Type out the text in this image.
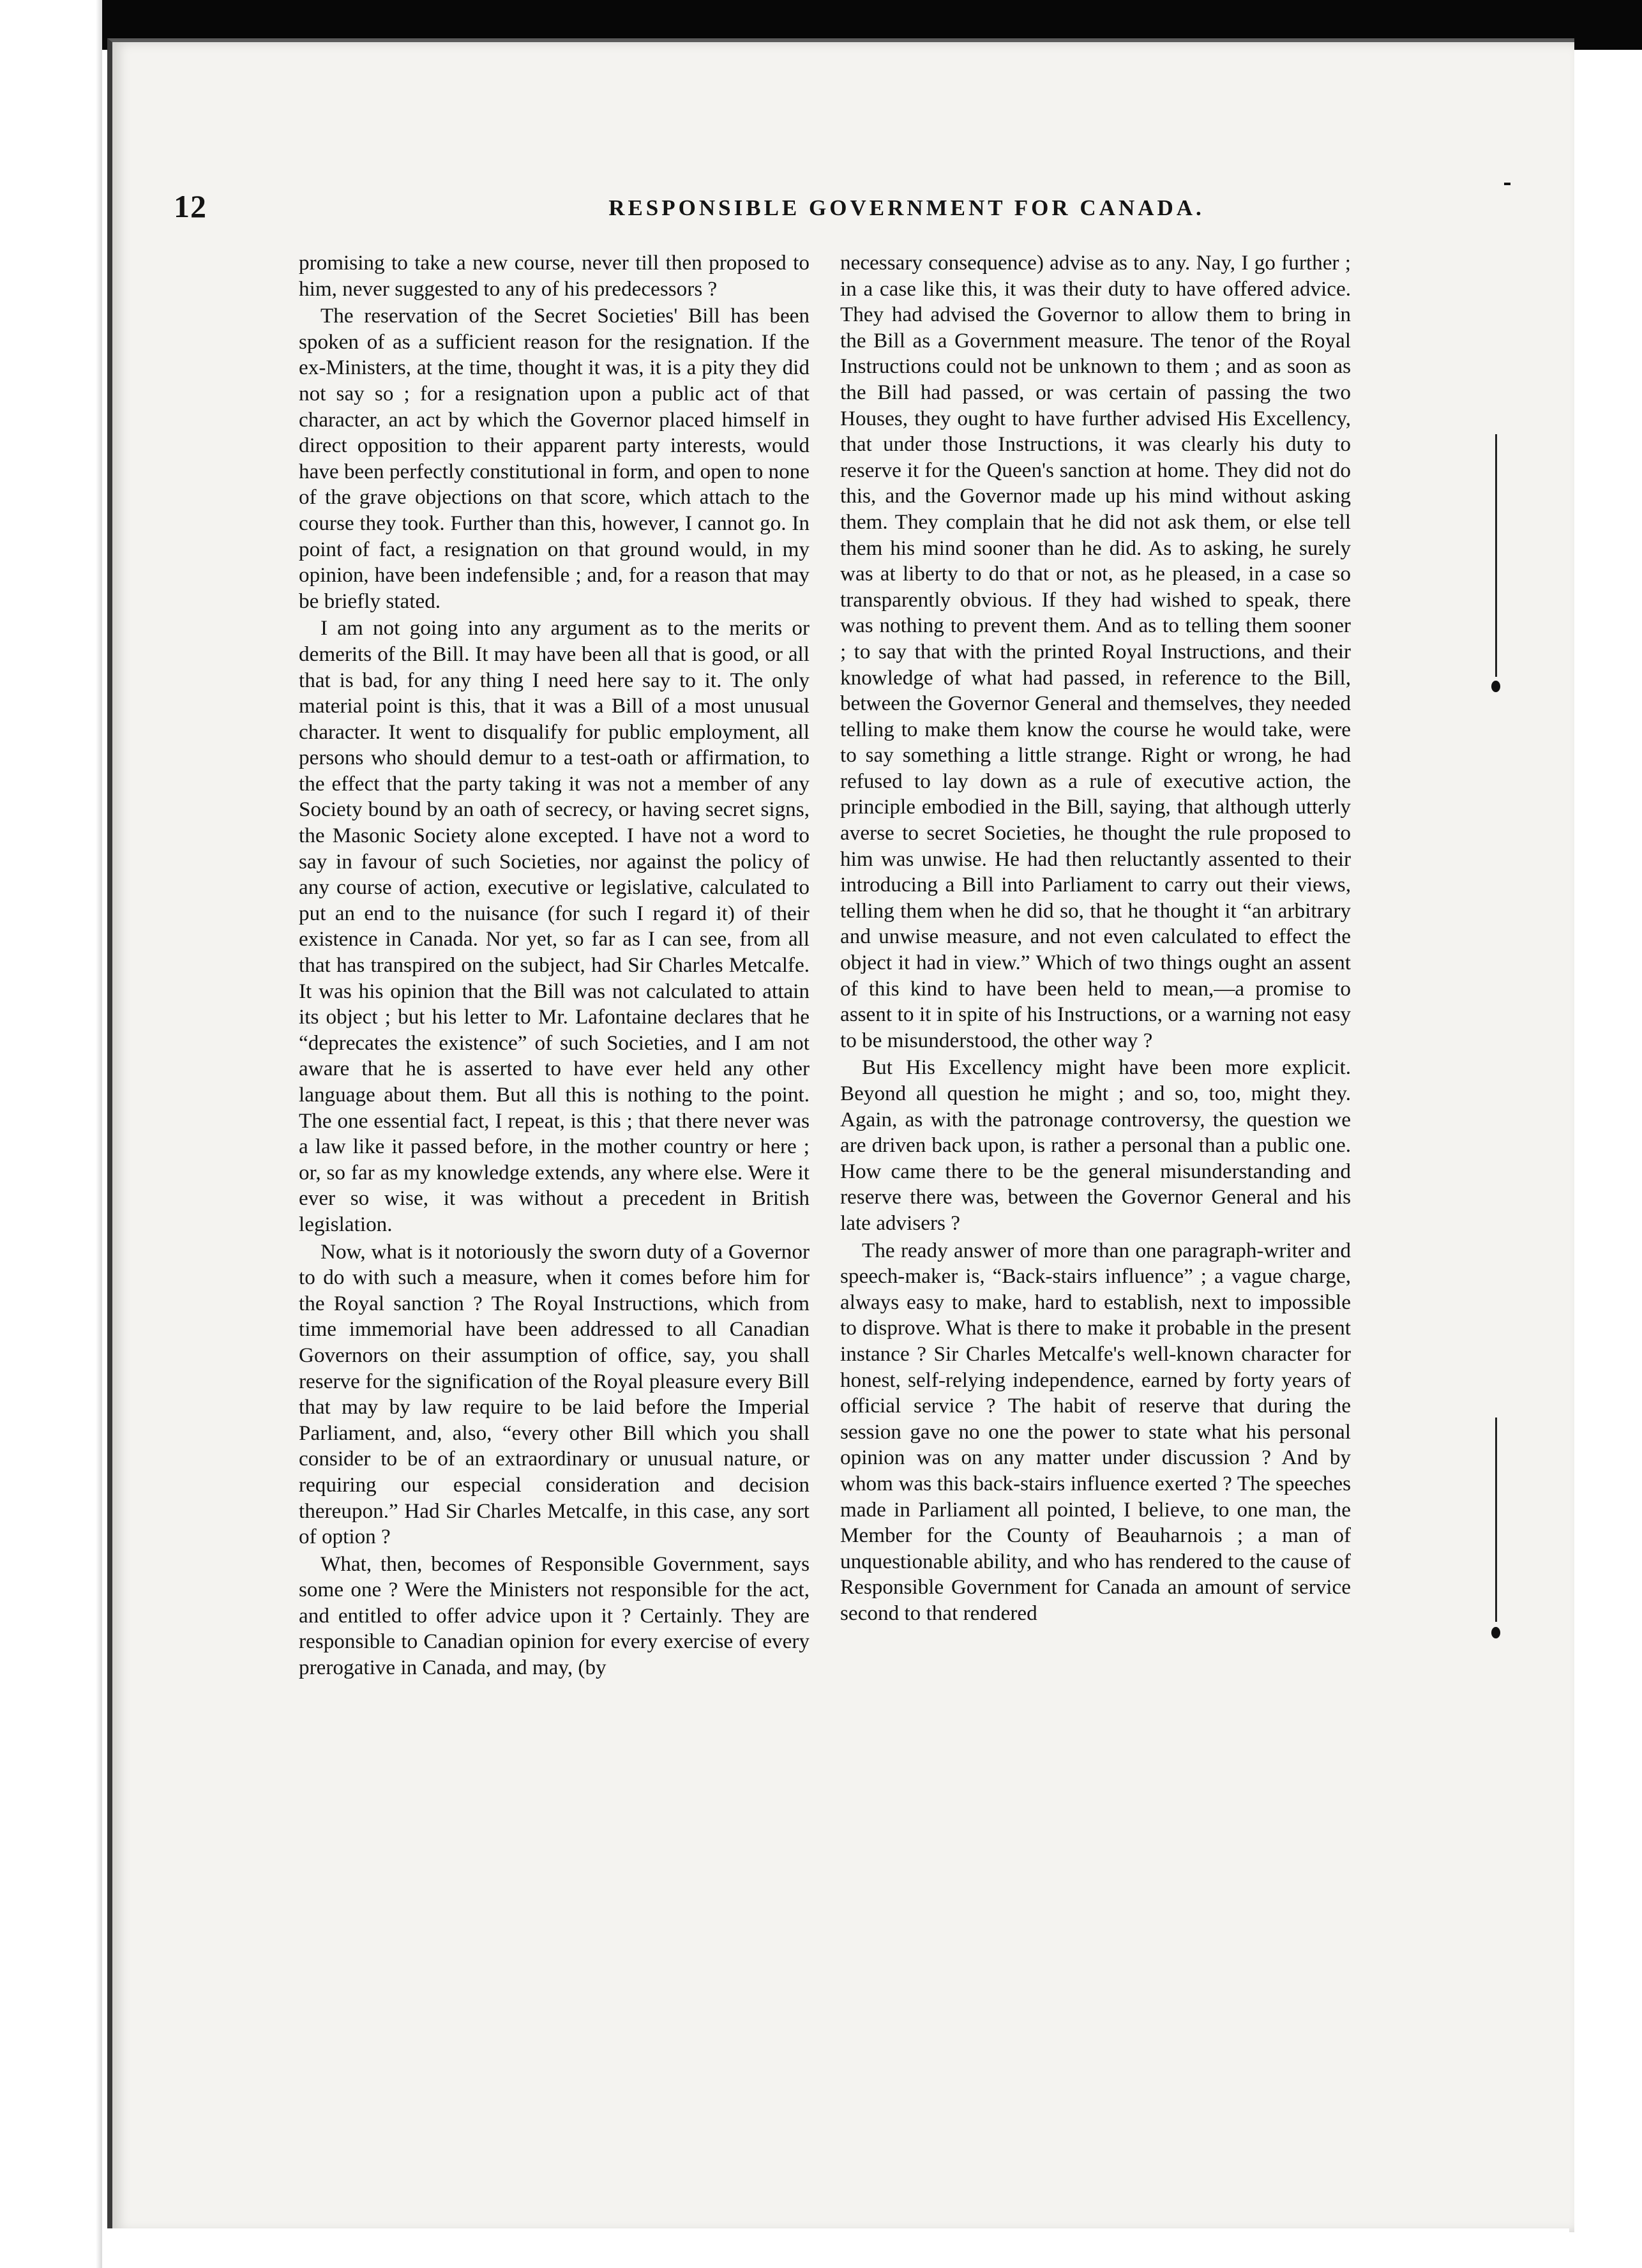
12	RESPONSIBLE GOVERNMENT FOR CANADA.

promising to take a new course, never till then proposed to him, never suggested to any of his predecessors ?

The reservation of the Secret Societies' Bill has been spoken of as a sufficient reason for the resignation. If the ex-Ministers, at the time, thought it was, it is a pity they did not say so ; for a resignation upon a public act of that character, an act by which the Governor placed himself in direct opposition to their apparent party interests, would have been perfectly constitutional in form, and open to none of the grave objections on that score, which attach to the course they took. Further than this, however, I cannot go. In point of fact, a resignation on that ground would, in my opinion, have been indefensible ; and, for a reason that may be briefly stated.

I am not going into any argument as to the merits or demerits of the Bill. It may have been all that is good, or all that is bad, for any thing I need here say to it. The only material point is this, that it was a Bill of a most unusual character. It went to disqualify for public employment, all persons who should demur to a test-oath or affirmation, to the effect that the party taking it was not a member of any Society bound by an oath of secrecy, or having secret signs, the Masonic Society alone excepted. I have not a word to say in favour of such Societies, nor against the policy of any course of action, executive or legislative, calculated to put an end to the nuisance (for such I regard it) of their existence in Canada. Nor yet, so far as I can see, from all that has transpired on the subject, had Sir Charles Metcalfe. It was his opinion that the Bill was not calculated to attain its object ; but his letter to Mr. Lafontaine declares that he “deprecates the existence” of such Societies, and I am not aware that he is asserted to have ever held any other language about them. But all this is nothing to the point. The one essential fact, I repeat, is this ; that there never was a law like it passed before, in the mother country or here ; or, so far as my knowledge extends, any where else. Were it ever so wise, it was without a precedent in British legislation.

Now, what is it notoriously the sworn duty of a Governor to do with such a measure, when it comes before him for the Royal sanction ? The Royal Instructions, which from time immemorial have been addressed to all Canadian Governors on their assumption of office, say, you shall reserve for the signification of the Royal pleasure every Bill that may by law require to be laid before the Imperial Parliament, and, also, “every other Bill which you shall consider to be of an extraordinary or unusual nature, or requiring our especial consideration and decision thereupon.” Had Sir Charles Metcalfe, in this case, any sort of option ?

What, then, becomes of Responsible Government, says some one ? Were the Ministers not responsible for the act, and entitled to offer advice upon it ? Certainly. They are responsible to Canadian opinion for every exercise of every prerogative in Canada, and may, (by

necessary consequence) advise as to any. Nay, I go further ; in a case like this, it was their duty to have offered advice. They had advised the Governor to allow them to bring in the Bill as a Government measure. The tenor of the Royal Instructions could not be unknown to them ; and as soon as the Bill had passed, or was certain of passing the two Houses, they ought to have further advised His Excellency, that under those Instructions, it was clearly his duty to reserve it for the Queen's sanction at home. They did not do this, and the Governor made up his mind without asking them. They complain that he did not ask them, or else tell them his mind sooner than he did. As to asking, he surely was at liberty to do that or not, as he pleased, in a case so transparently obvious. If they had wished to speak, there was nothing to prevent them. And as to telling them sooner ; to say that with the printed Royal Instructions, and their knowledge of what had passed, in reference to the Bill, between the Governor General and themselves, they needed telling to make them know the course he would take, were to say something a little strange. Right or wrong, he had refused to lay down as a rule of executive action, the principle embodied in the Bill, saying, that although utterly averse to secret Societies, he thought the rule proposed to him was unwise. He had then reluctantly assented to their introducing a Bill into Parliament to carry out their views, telling them when he did so, that he thought it “an arbitrary and unwise measure, and not even calculated to effect the object it had in view.” Which of two things ought an assent of this kind to have been held to mean,—a promise to assent to it in spite of his Instructions, or a warning not easy to be misunderstood, the other way ?

But His Excellency might have been more explicit. Beyond all question he might ; and so, too, might they. Again, as with the patronage controversy, the question we are driven back upon, is rather a personal than a public one. How came there to be the general misunderstanding and reserve there was, between the Governor General and his late advisers ?

The ready answer of more than one paragraph-writer and speech-maker is, “Back-stairs influence” ; a vague charge, always easy to make, hard to establish, next to impossible to disprove. What is there to make it probable in the present instance ? Sir Charles Metcalfe's well-known character for honest, self-relying independence, earned by forty years of official service ? The habit of reserve that during the session gave no one the power to state what his personal opinion was on any matter under discussion ? And by whom was this back-stairs influence exerted ? The speeches made in Parliament all pointed, I believe, to one man, the Member for the County of Beauharnois ; a man of unquestionable ability, and who has rendered to the cause of Responsible Government for Canada an amount of service second to that rendered
